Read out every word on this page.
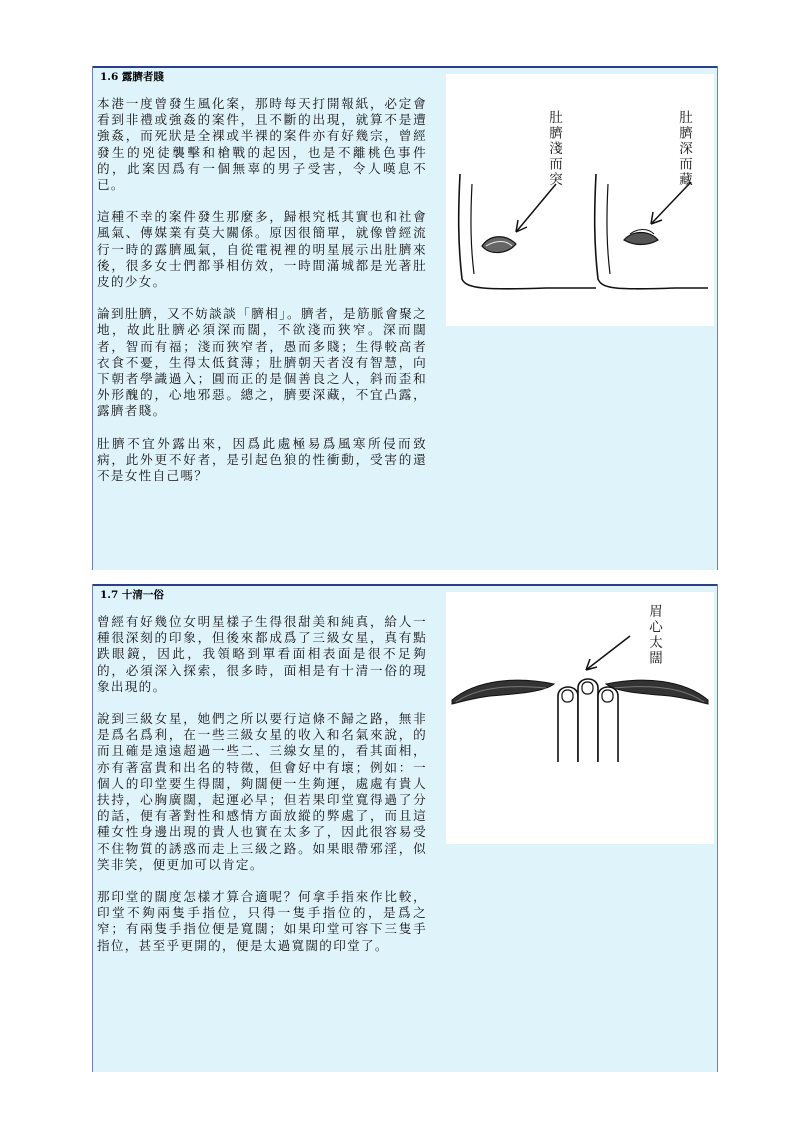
1.6 露臍者賤

本港一度曾發生風化案，那時每天打開報紙，必定會看到非禮或強姦的案件，且不斷的出現，就算不是遭強姦，而死狀是全裸或半裸的案件亦有好幾宗，曾經發生的兇徒襲擊和槍戰的起因，也是不離桃色事件的，此案因爲有一個無辜的男子受害，令人嘆息不已。

這種不幸的案件發生那麼多，歸根究柢其實也和社會風氣、傳媒業有莫大關係。原因很簡單，就像曾經流行一時的露臍風氣，自從電視裡的明星展示出肚臍來後，很多女士們都爭相仿效，一時間滿城都是光著肚皮的少女。

論到肚臍，又不妨談談「臍相」。臍者，是筋脈會聚之地，故此肚臍必須深而闊，不欲淺而狹窄。深而闊者，智而有福；淺而狹窄者，愚而多賤；生得較高者衣食不憂，生得太低貧薄；肚臍朝天者沒有智慧，向下朝者學識過入；圓而正的是個善良之人，斜而歪和外形醜的，心地邪惡。總之，臍要深藏，不宜凸露，露臍者賤。

肚臍不宜外露出來，因爲此處極易爲風寒所侵而致病，此外更不好者，是引起色狼的性衝動，受害的還不是女性自己嗎？

肚臍淺而突	肚臍深而藏
1.7 十清一俗

曾經有好幾位女明星樣子生得很甜美和純真，給人一種很深刻的印象，但後來都成爲了三級女星，真有點跌眼鏡，因此，我領略到單看面相表面是很不足夠的，必須深入探索，很多時，面相是有十清一俗的現象出現的。

說到三級女星，她們之所以要行這條不歸之路，無非是爲名爲利，在一些三級女星的收入和名氣來說，的而且確是遠遠超過一些二、三線女星的，看其面相，亦有著富貴和出名的特徵，但會好中有壞；例如：一個人的印堂要生得闊，夠闊便一生夠運，處處有貴人扶持，心胸廣闊，起運必早；但若果印堂寬得過了分的話，便有著對性和感情方面放縱的弊處了，而且這種女性身邊出現的貴人也實在太多了，因此很容易受不住物質的誘惑而走上三級之路。如果眼帶邪淫，似笑非笑，便更加可以肯定。

那印堂的闊度怎樣才算合適呢？何拿手指來作比較，印堂不夠兩隻手指位，只得一隻手指位的，是爲之窄；有兩隻手指位便是寬闊；如果印堂可容下三隻手指位，甚至乎更開的，便是太過寬闊的印堂了。

眉心太闊
